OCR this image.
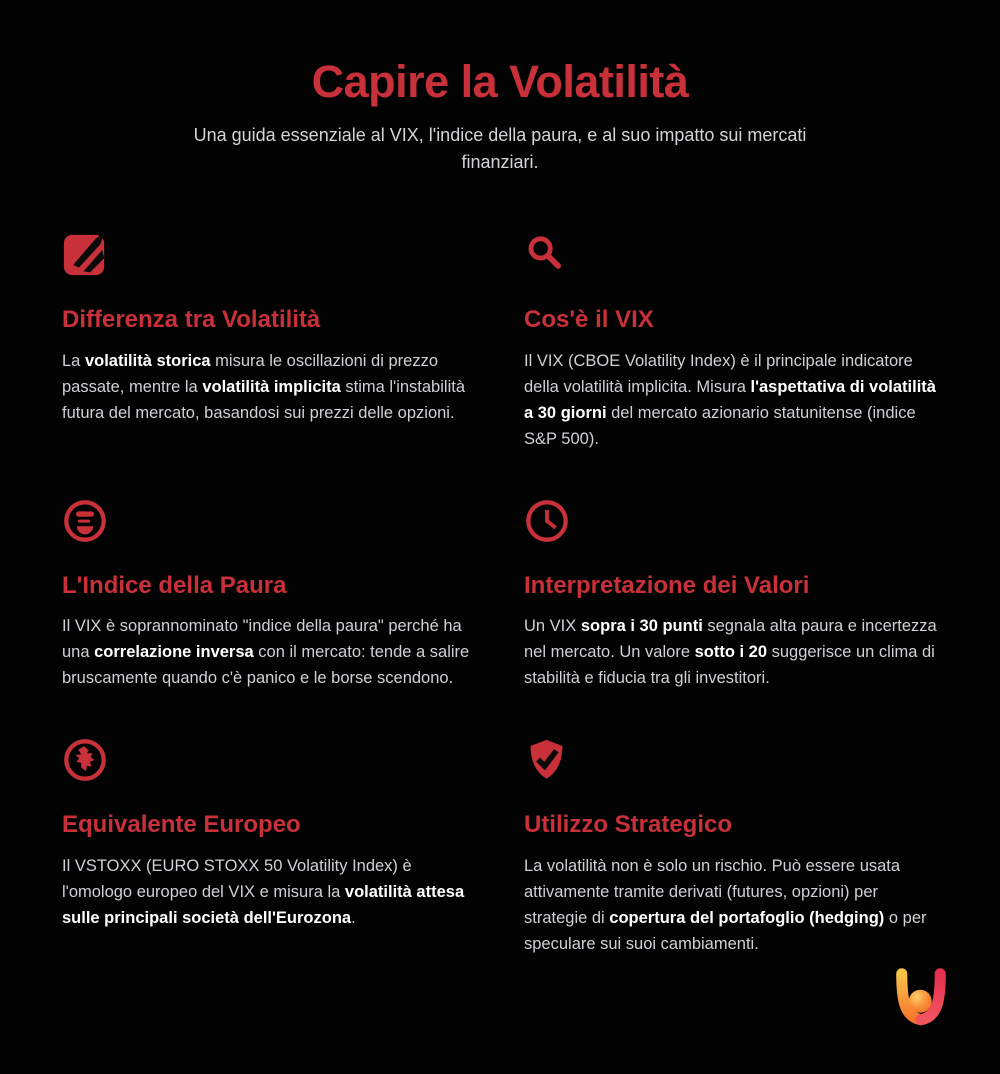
Capire la Volatilità

Una guida essenziale al VIX, l'indice della paura, e al suo impatto sui mercati finanziari.

Differenza tra Volatilità

La volatilità storica misura le oscillazioni di prezzo passate, mentre la volatilità implicita stima l'instabilità futura del mercato, basandosi sui prezzi delle opzioni.

Cos'è il VIX

Il VIX (CBOE Volatility Index) è il principale indicatore della volatilità implicita. Misura l'aspettativa di volatilità a 30 giorni del mercato azionario statunitense (indice S&P 500).

L'Indice della Paura

Il VIX è soprannominato "indice della paura" perché ha una correlazione inversa con il mercato: tende a salire bruscamente quando c'è panico e le borse scendono.

Interpretazione dei Valori

Un VIX sopra i 30 punti segnala alta paura e incertezza nel mercato. Un valore sotto i 20 suggerisce un clima di stabilità e fiducia tra gli investitori.

Equivalente Europeo

Il VSTOXX (EURO STOXX 50 Volatility Index) è l'omologo europeo del VIX e misura la volatilità attesa sulle principali società dell'Eurozona.

Utilizzo Strategico

La volatilità non è solo un rischio. Può essere usata attivamente tramite derivati (futures, opzioni) per strategie di copertura del portafoglio (hedging) o per speculare sui suoi cambiamenti.
